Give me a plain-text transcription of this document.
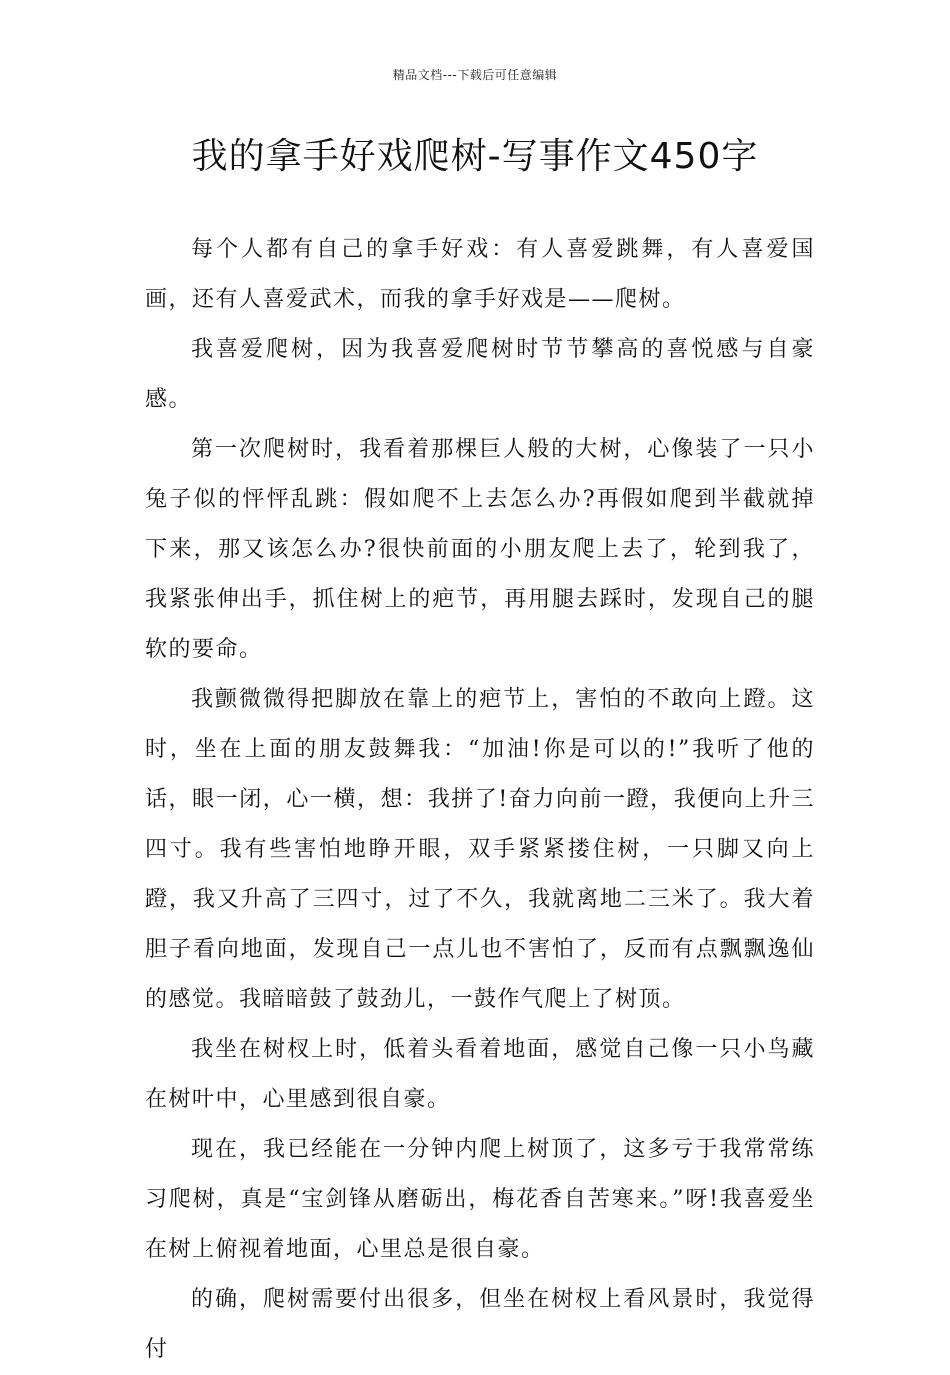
精品文档---下载后可任意编辑
我的拿手好戏爬树-写事作文450字

每个人都有自己的拿手好戏：有人喜爱跳舞，有人喜爱国画，还有人喜爱武术，而我的拿手好戏是——爬树。

我喜爱爬树，因为我喜爱爬树时节节攀高的喜悦感与自豪感。

第一次爬树时，我看着那棵巨人般的大树，心像装了一只小兔子似的怦怦乱跳：假如爬不上去怎么办?再假如爬到半截就掉下来，那又该怎么办?很快前面的小朋友爬上去了，轮到我了，我紧张伸出手，抓住树上的疤节，再用腿去踩时，发现自己的腿软的要命。

我颤微微得把脚放在靠上的疤节上，害怕的不敢向上蹬。这时，坐在上面的朋友鼓舞我：“加油!你是可以的!”我听了他的话，眼一闭，心一横，想：我拼了!奋力向前一蹬，我便向上升三四寸。我有些害怕地睁开眼，双手紧紧搂住树，一只脚又向上蹬，我又升高了三四寸，过了不久，我就离地二三米了。我大着胆子看向地面，发现自己一点儿也不害怕了，反而有点飘飘逸仙的感觉。我暗暗鼓了鼓劲儿，一鼓作气爬上了树顶。

我坐在树杈上时，低着头看着地面，感觉自己像一只小鸟藏在树叶中，心里感到很自豪。

现在，我已经能在一分钟内爬上树顶了，这多亏于我常常练习爬树，真是“宝剑锋从磨砺出，梅花香自苦寒来。”呀!我喜爱坐在树上俯视着地面，心里总是很自豪。

的确，爬树需要付出很多，但坐在树杈上看风景时，我觉得付
